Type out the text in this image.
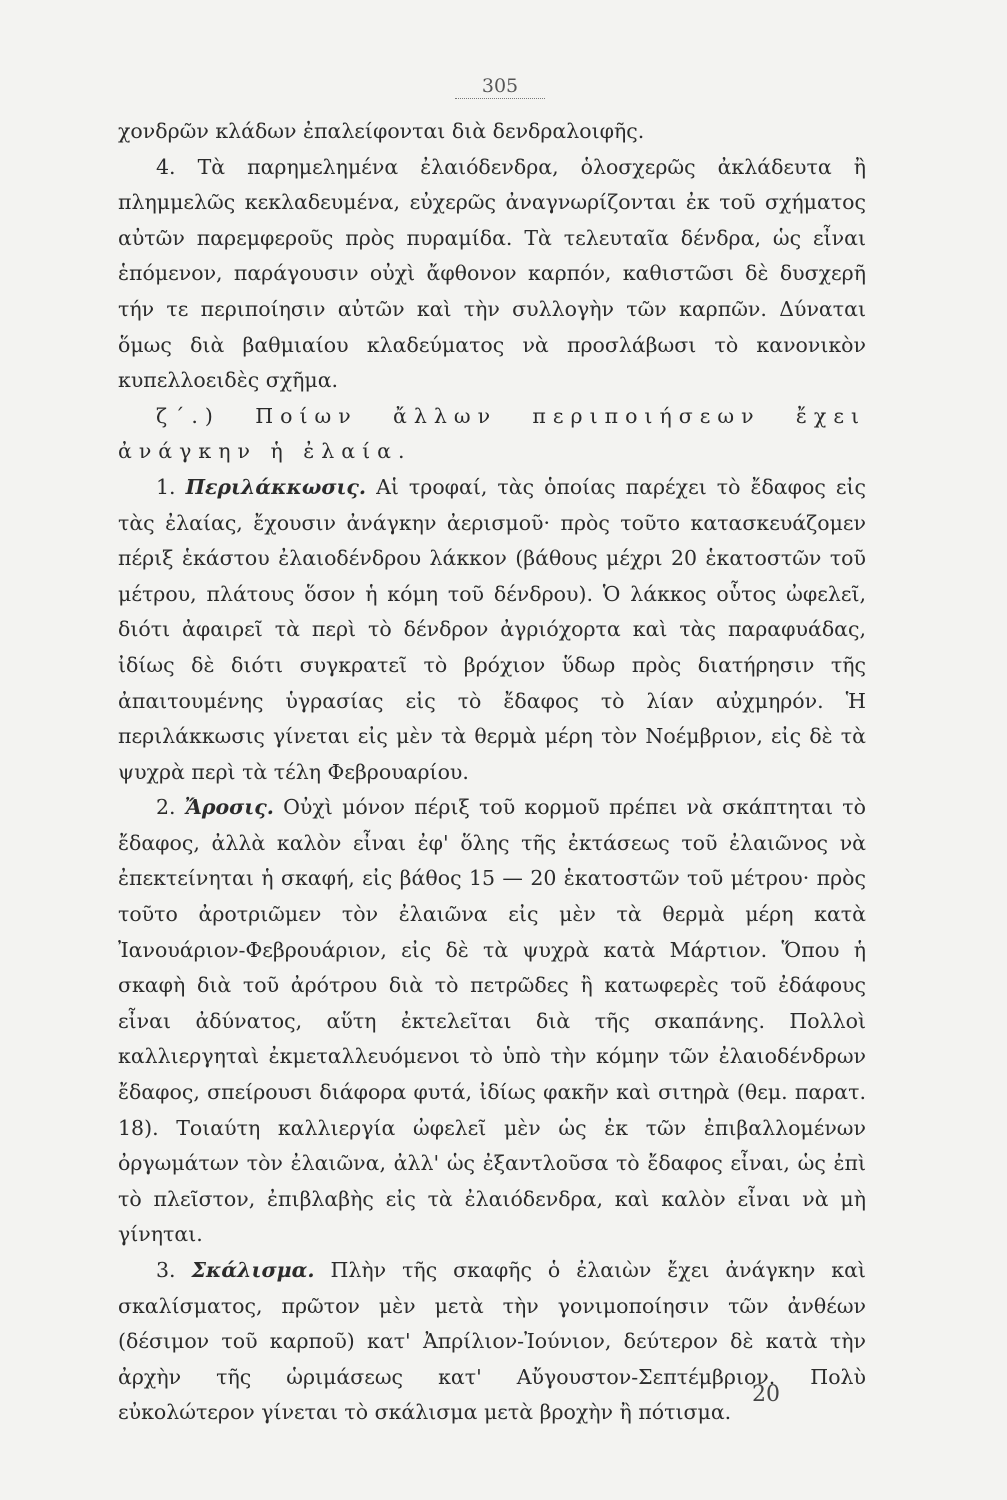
305

χονδρῶν κλάδων ἐπαλείφονται διὰ δενδραλοιφῆς.

4. Τὰ παρημελημένα ἐλαιόδενδρα, ὁλοσχερῶς ἀκλάδευτα ἢ πλημμελῶς κεκλαδευμένα, εὐχερῶς ἀναγνωρίζονται ἐκ τοῦ σχήματος αὐτῶν παρεμφεροῦς πρὸς πυραμίδα. Τὰ τελευταῖα δένδρα, ὡς εἶναι ἑπόμενον, παράγουσιν οὐχὶ ἄφθονον καρπόν, καθιστῶσι δὲ δυσχερῆ τήν τε περιποίησιν αὐτῶν καὶ τὴν συλλογὴν τῶν καρπῶν. Δύναται ὅμως διὰ βαθμιαίου κλαδεύματος νὰ προσλάβωσι τὸ κανονικὸν κυπελλοειδὲς σχῆμα.

ζ΄.) Ποίων ἄλλων περιποιήσεων ἔχει ἀνάγκην ἡ ἐλαία.

1. Περιλάκκωσις. Αἱ τροφαί, τὰς ὁποίας παρέχει τὸ ἔδαφος εἰς τὰς ἐλαίας, ἔχουσιν ἀνάγκην ἀερισμοῦ· πρὸς τοῦτο κατασκευάζομεν πέριξ ἑκάστου ἐλαιοδένδρου λάκκον (βάθους μέχρι 20 ἑκατοστῶν τοῦ μέτρου, πλάτους ὅσον ἡ κόμη τοῦ δένδρου). Ὁ λάκκος οὗτος ὠφελεῖ, διότι ἀφαιρεῖ τὰ περὶ τὸ δένδρον ἀγριόχορτα καὶ τὰς παραφυάδας, ἰδίως δὲ διότι συγκρατεῖ τὸ βρόχιον ὕδωρ πρὸς διατήρησιν τῆς ἀπαιτουμένης ὑγρασίας εἰς τὸ ἔδαφος τὸ λίαν αὐχμηρόν. Ἡ περιλάκκωσις γίνεται εἰς μὲν τὰ θερμὰ μέρη τὸν Νοέμβριον, εἰς δὲ τὰ ψυχρὰ περὶ τὰ τέλη Φεβρουαρίου.

2. Ἄροσις. Οὐχὶ μόνον πέριξ τοῦ κορμοῦ πρέπει νὰ σκάπτηται τὸ ἔδαφος, ἀλλὰ καλὸν εἶναι ἐφ' ὅλης τῆς ἐκτάσεως τοῦ ἐλαιῶνος νὰ ἐπεκτείνηται ἡ σκαφή, εἰς βάθος 15 — 20 ἑκατοστῶν τοῦ μέτρου· πρὸς τοῦτο ἀροτριῶμεν τὸν ἐλαιῶνα εἰς μὲν τὰ θερμὰ μέρη κατὰ Ἰανουάριον-Φεβρουάριον, εἰς δὲ τὰ ψυχρὰ κατὰ Μάρτιον. Ὅπου ἡ σκαφὴ διὰ τοῦ ἀρότρου διὰ τὸ πετρῶδες ἢ κατωφερὲς τοῦ ἐδάφους εἶναι ἀδύνατος, αὕτη ἐκτελεῖται διὰ τῆς σκαπάνης. Πολλοὶ καλλιεργηταὶ ἐκμεταλλευόμενοι τὸ ὑπὸ τὴν κόμην τῶν ἐλαιοδένδρων ἔδαφος, σπείρουσι διάφορα φυτά, ἰδίως φακῆν καὶ σιτηρὰ (θεμ. παρατ. 18). Τοιαύτη καλλιεργία ὠφελεῖ μὲν ὡς ἐκ τῶν ἐπιβαλλομένων ὀργωμάτων τὸν ἐλαιῶνα, ἀλλ' ὡς ἐξαντλοῦσα τὸ ἔδαφος εἶναι, ὡς ἐπὶ τὸ πλεῖστον, ἐπιβλαβὴς εἰς τὰ ἐλαιόδενδρα, καὶ καλὸν εἶναι νὰ μὴ γίνηται.

3. Σκάλισμα. Πλὴν τῆς σκαφῆς ὁ ἐλαιὼν ἔχει ἀνάγκην καὶ σκαλίσματος, πρῶτον μὲν μετὰ τὴν γονιμοποίησιν τῶν ἀνθέων (δέσιμον τοῦ καρποῦ) κατ' Ἀπρίλιον-Ἰούνιον, δεύτερον δὲ κατὰ τὴν ἀρχὴν τῆς ὡριμάσεως κατ' Αὔγουστον-Σεπτέμβριον. Πολὺ εὐκολώτερον γίνεται τὸ σκάλισμα μετὰ βροχὴν ἢ πότισμα.

20
